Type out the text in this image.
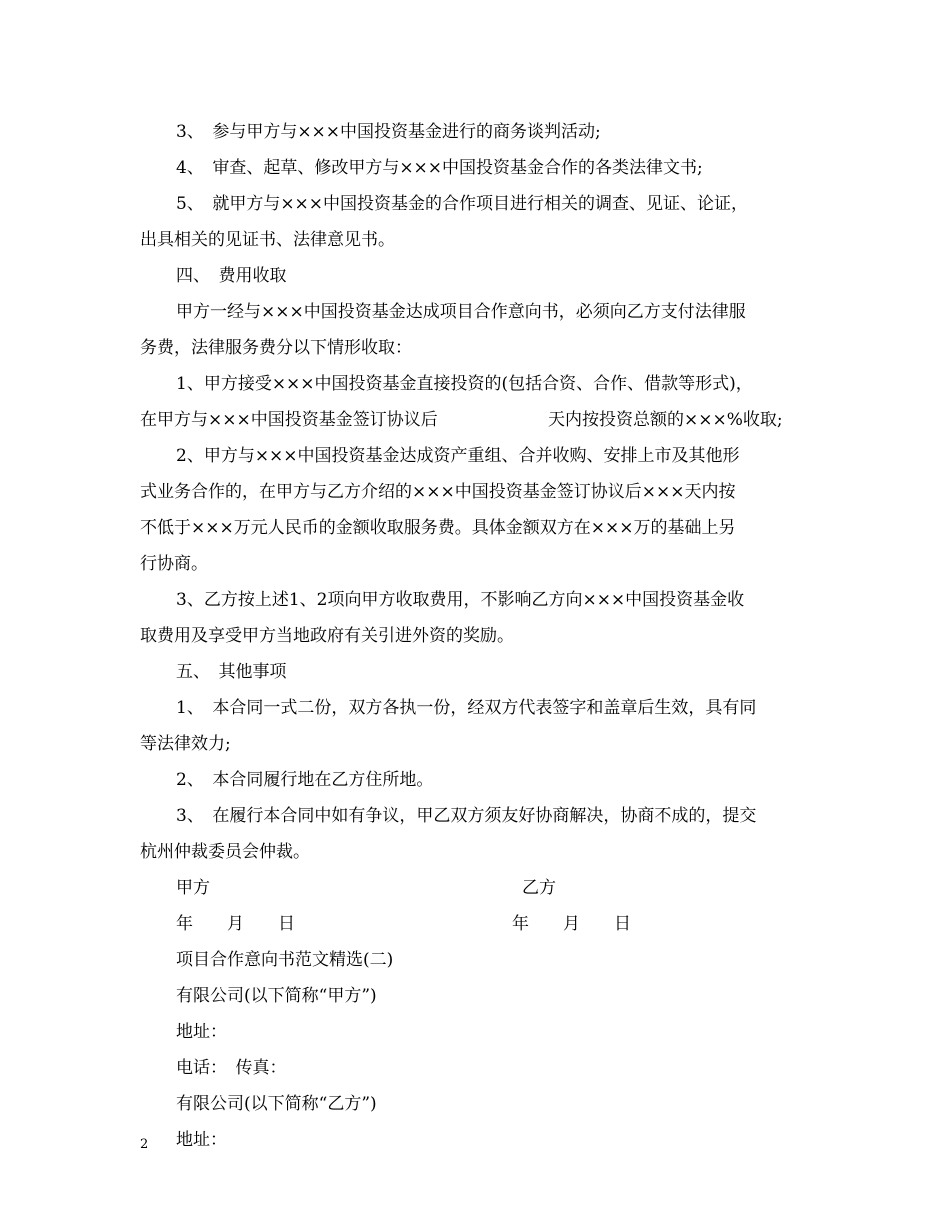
3、　参与甲方与×××中国投资基金进行的商务谈判活动;
4、　审查、起草、修改甲方与×××中国投资基金合作的各类法律文书;
5、　就甲方与×××中国投资基金的合作项目进行相关的调查、见证、论证，
出具相关的见证书、法律意见书。
四、　费用收取
甲方一经与×××中国投资基金达成项目合作意向书，必须向乙方支付法律服
务费，法律服务费分以下情形收取：
1、甲方接受×××中国投资基金直接投资的(包括合资、合作、借款等形式)，
在甲方与×××中国投资基金签订协议后	天内按投资总额的×××%收取;
2、甲方与×××中国投资基金达成资产重组、合并收购、安排上市及其他形
式业务合作的，在甲方与乙方介绍的×××中国投资基金签订协议后×××天内按
不低于×××万元人民币的金额收取服务费。具体金额双方在×××万的基础上另
行协商。
3、乙方按上述1、2项向甲方收取费用，不影响乙方向×××中国投资基金收
取费用及享受甲方当地政府有关引进外资的奖励。
五、　其他事项
1、　本合同一式二份，双方各执一份，经双方代表签字和盖章后生效，具有同
等法律效力;
2、　本合同履行地在乙方住所地。
3、　在履行本合同中如有争议，甲乙双方须友好协商解决，协商不成的，提交
杭州仲裁委员会仲裁。
甲方	乙方
年　　月　　日	年　　月　　日
项目合作意向书范文精选(二)
有限公司(以下简称“甲方”)
地址：
电话：　传真：
有限公司(以下简称“乙方”)
地址：
2
